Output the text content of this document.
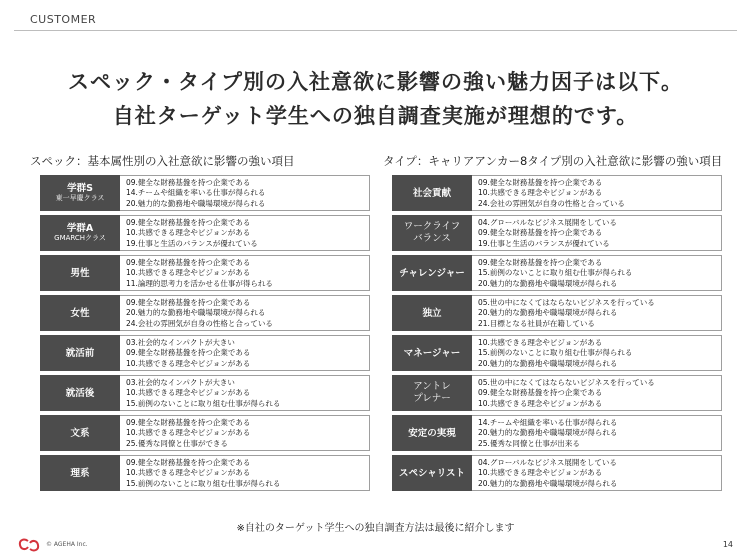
CUSTOMER
スペック・タイプ別の入社意欲に影響の強い魅力因子は以下。
自社ターゲット学生への独自調査実施が理想的です。
スペック：基本属性別の入社意欲に影響の強い項目	タイプ：キャリアアンカー8タイプ別の入社意欲に影響の強い項目
学群S
東一早慶クラス
09.健全な財務基盤を持つ企業である
14.チームや組織を率いる仕事が得られる
20.魅力的な勤務地や職場環境が得られる
学群A
GMARCHクラス
09.健全な財務基盤を持つ企業である
10.共感できる理念やビジョンがある
19.仕事と生活のバランスが優れている
男性
09.健全な財務基盤を持つ企業である
10.共感できる理念やビジョンがある
11.論理的思考力を活かせる仕事が得られる
女性
09.健全な財務基盤を持つ企業である
20.魅力的な勤務地や職場環境が得られる
24.会社の雰囲気が自身の性格と合っている
就活前
03.社会的なインパクトが大きい
09.健全な財務基盤を持つ企業である
10.共感できる理念やビジョンがある
就活後
03.社会的なインパクトが大きい
10.共感できる理念やビジョンがある
15.前例のないことに取り組む仕事が得られる
文系
09.健全な財務基盤を持つ企業である
10.共感できる理念やビジョンがある
25.優秀な同僚と仕事ができる
理系
09.健全な財務基盤を持つ企業である
10.共感できる理念やビジョンがある
15.前例のないことに取り組む仕事が得られる
社会貢献
09.健全な財務基盤を持つ企業である
10.共感できる理念やビジョンがある
24.会社の雰囲気が自身の性格と合っている
ワークライフ
バランス
04.グローバルなビジネス展開をしている
09.健全な財務基盤を持つ企業である
19.仕事と生活のバランスが優れている
チャレンジャー
09.健全な財務基盤を持つ企業である
15.前例のないことに取り組む仕事が得られる
20.魅力的な勤務地や職場環境が得られる
独立
05.世の中になくてはならないビジネスを行っている
20.魅力的な勤務地や職場環境が得られる
21.目標となる社員が在籍している
マネージャー
10.共感できる理念やビジョンがある
15.前例のないことに取り組む仕事が得られる
20.魅力的な勤務地や職場環境が得られる
アントレ
プレナー
05.世の中になくてはならないビジネスを行っている
09.健全な財務基盤を持つ企業である
10.共感できる理念やビジョンがある
安定の実現
14.チームや組織を率いる仕事が得られる
20.魅力的な勤務地や職場環境が得られる
25.優秀な同僚と仕事が出来る
スペシャリスト
04.グローバルなビジネス展開をしている
10.共感できる理念やビジョンがある
20.魅力的な勤務地や職場環境が得られる
※自社のターゲット学生への独自調査方法は最後に紹介します
© AGEHA Inc.	14
